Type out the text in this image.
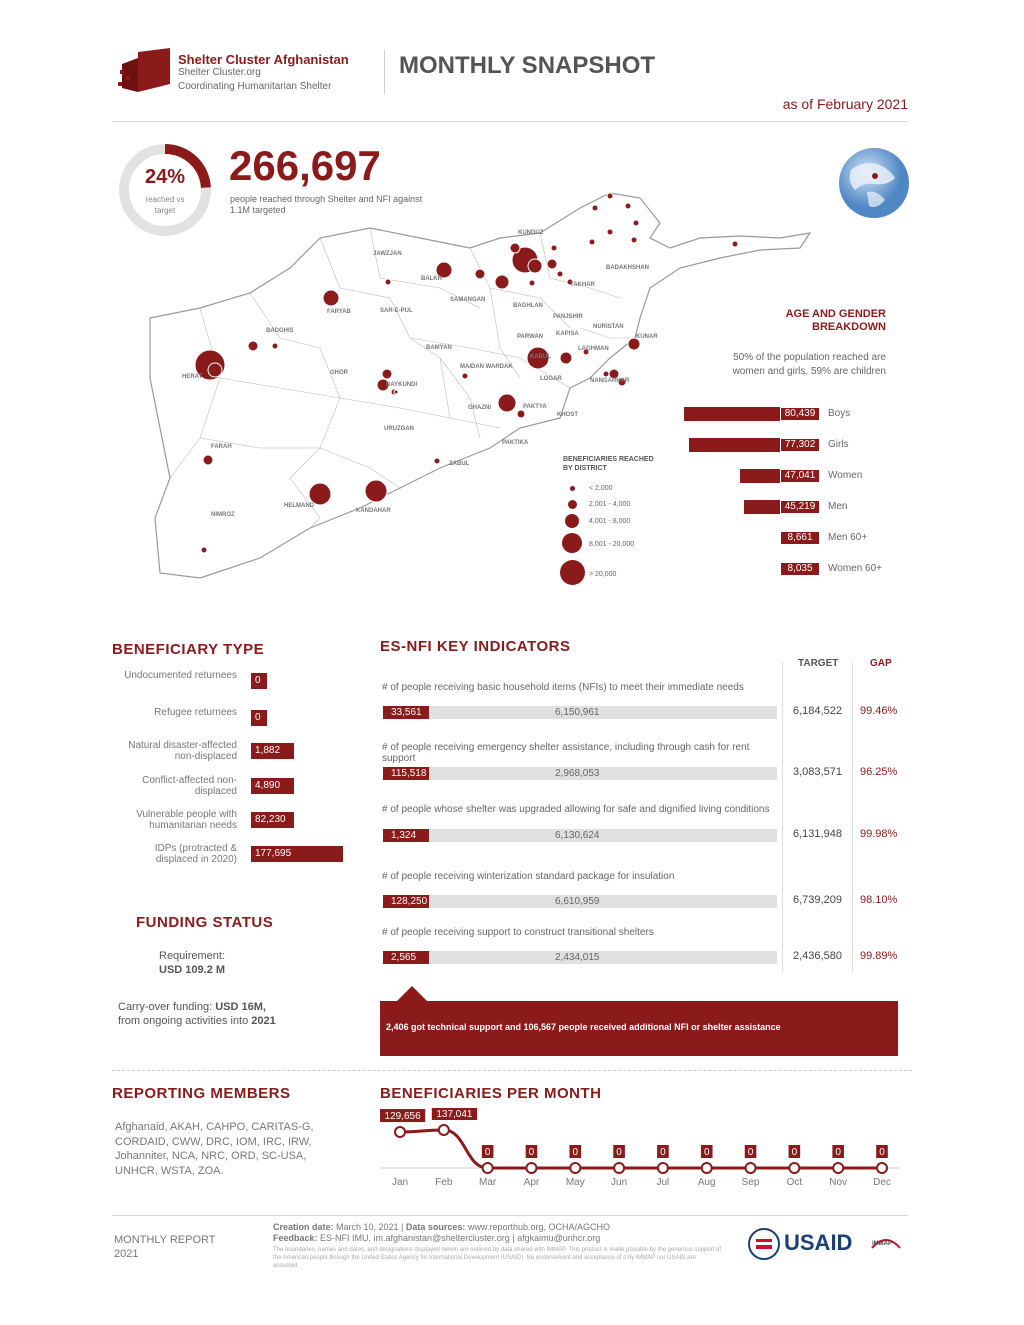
Shelter Cluster Afghanistan
Shelter Cluster.org
Coordinating Humanitarian Shelter
MONTHLY SNAPSHOT
as of February 2021
24%
reached vs target
266,697
people reached through Shelter and NFI against 1.1M targeted
JAWZJAN
BALKH
KUNDUZ
BADAKHSHAN
TAKHAR
FARYAB	SAR-E-PUL
SAMANGAN
BAGHLAN
BADGHIS
NURISTAN
HERAT
GHOR
BAMYAN
PANJSHIR
KAPISA	KUNAR
PARWAN
MAIDAN WARDAK
KABUL
LAGHMAN
NANGARHAR
DAYKUNDI
URUZGAN
GHAZNI	PAKTYA
KHOST
PAKTIKA
ZABUL
FARAH
NIMROZ
HELMAND
KANDAHAR
LOGAR
BENEFICIARIES REACHED BY DISTRICT
< 2,000
2,001 - 4,000
4,001 - 8,000
8,001 - 20,000
> 20,000
AGE AND GENDER BREAKDOWN
50% of the population reached are women and girls, 59% are children
80,439	Boys
77,302	Girls
47,041	Women
45,219	Men
8,661	Men 60+
8,035	Women 60+
BENEFICIARY TYPE
Undocumented returnees	0
Refugee returnees	0
Natural disaster-affected non-displaced
1,882
Conflict-affected non-displaced
4,890
Vulnerable people with humanitarian needs
82,230
IDPs (protracted & displaced in 2020)
177,695
FUNDING STATUS
Requirement:
USD 109.2 M
Carry-over funding: USD 16M,
from ongoing activities into 2021
ES-NFI KEY INDICATORS
TARGET	GAP
# of people receiving basic household items (NFIs) to meet their immediate needs
33,561	6,150,961	6,184,522 99.46%
# of people receiving emergency shelter assistance, including through cash for rent support
115,518	2,968,053	3,083,571 96.25%
# of people whose shelter was upgraded allowing for safe and dignified living conditions
1,324	6,130,624	6,131,948 99.98%
# of people receiving winterization standard package for insulation
128,250	6,610,959	6,739,209 98.10%
# of people receiving support to construct transitional shelters
2,565	2,434,015	2,436,580 99.89%
2,406 got technical support and 106,567 people received additional NFI or shelter assistance
REPORTING MEMBERS
Afghanaid, AKAH, CAHPO, CARITAS-G, CORDAID, CWW, DRC, IOM, IRC, IRW, Johanniter, NCA, NRC, ORD, SC-USA, UNHCR, WSTA, ZOA.
BENEFICIARIES PER MONTH
129,656
Jan
137,041
Feb
0
Mar
0
Apr
0
May
0
Jun
0
Jul
0
Aug
0
Sep
0
Oct
0
Nov
0
Dec
MONTHLY REPORT
2021
Creation date: March 10, 2021 | Data sources: www.reporthub.org, OCHA/AGCHO
Feedback: ES-NFI IMU, im.afghanistan@sheltercluster.org | afgkaimu@unhcr.org
The boundaries, names and dates, and designations displayed herein are outlined by data shared with IMMAP. This product is made possible by the generous support of the American people through the United States Agency for International Development (USAID). No endorsement and acceptance of it by iMMAP nor USAID are assumed.
USAID	iMMAP
